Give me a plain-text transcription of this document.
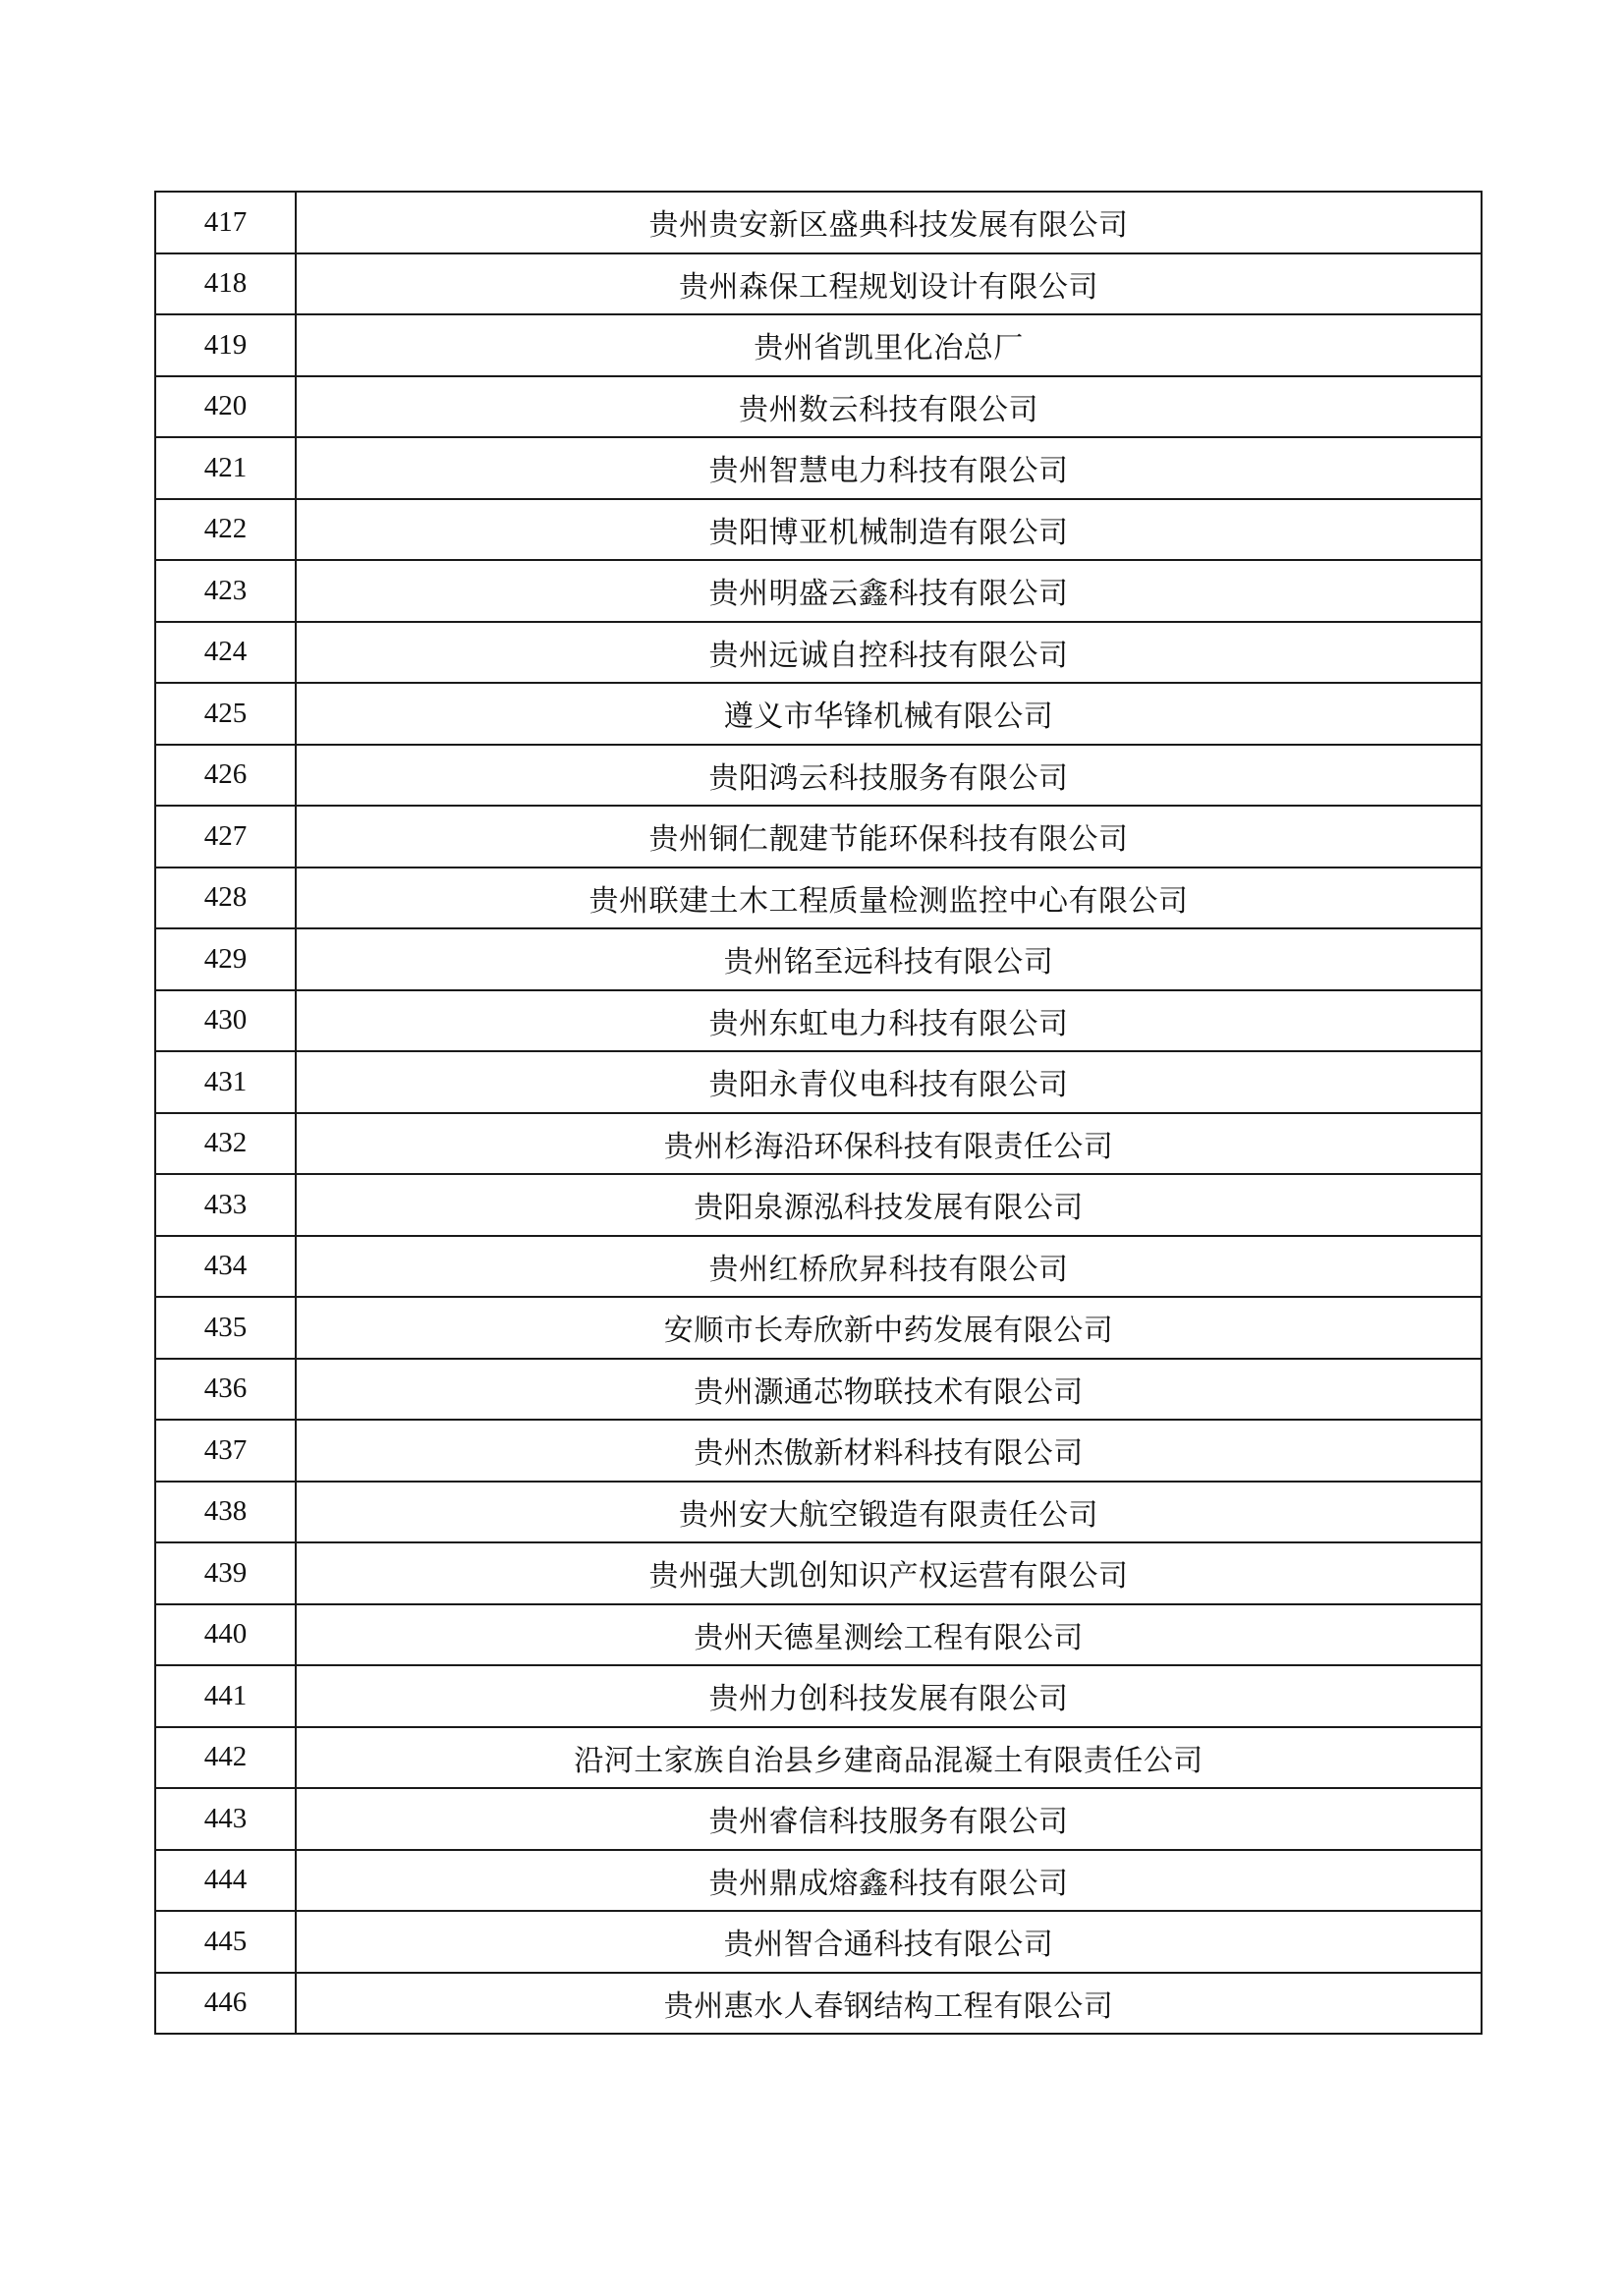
417	贵州贵安新区盛典科技发展有限公司
418	贵州森保工程规划设计有限公司
419	贵州省凯里化冶总厂
420	贵州数云科技有限公司
421	贵州智慧电力科技有限公司
422	贵阳博亚机械制造有限公司
423	贵州明盛云鑫科技有限公司
424	贵州远诚自控科技有限公司
425	遵义市华锋机械有限公司
426	贵阳鸿云科技服务有限公司
427	贵州铜仁靓建节能环保科技有限公司
428	贵州联建土木工程质量检测监控中心有限公司
429	贵州铭至远科技有限公司
430	贵州东虹电力科技有限公司
431	贵阳永青仪电科技有限公司
432	贵州杉海沿环保科技有限责任公司
433	贵阳泉源泓科技发展有限公司
434	贵州红桥欣昇科技有限公司
435	安顺市长寿欣新中药发展有限公司
436	贵州灏通芯物联技术有限公司
437	贵州杰傲新材料科技有限公司
438	贵州安大航空锻造有限责任公司
439	贵州强大凯创知识产权运营有限公司
440	贵州天德星测绘工程有限公司
441	贵州力创科技发展有限公司
442	沿河土家族自治县乡建商品混凝土有限责任公司
443	贵州睿信科技服务有限公司
444	贵州鼎成熔鑫科技有限公司
445	贵州智合通科技有限公司
446	贵州惠水人春钢结构工程有限公司
